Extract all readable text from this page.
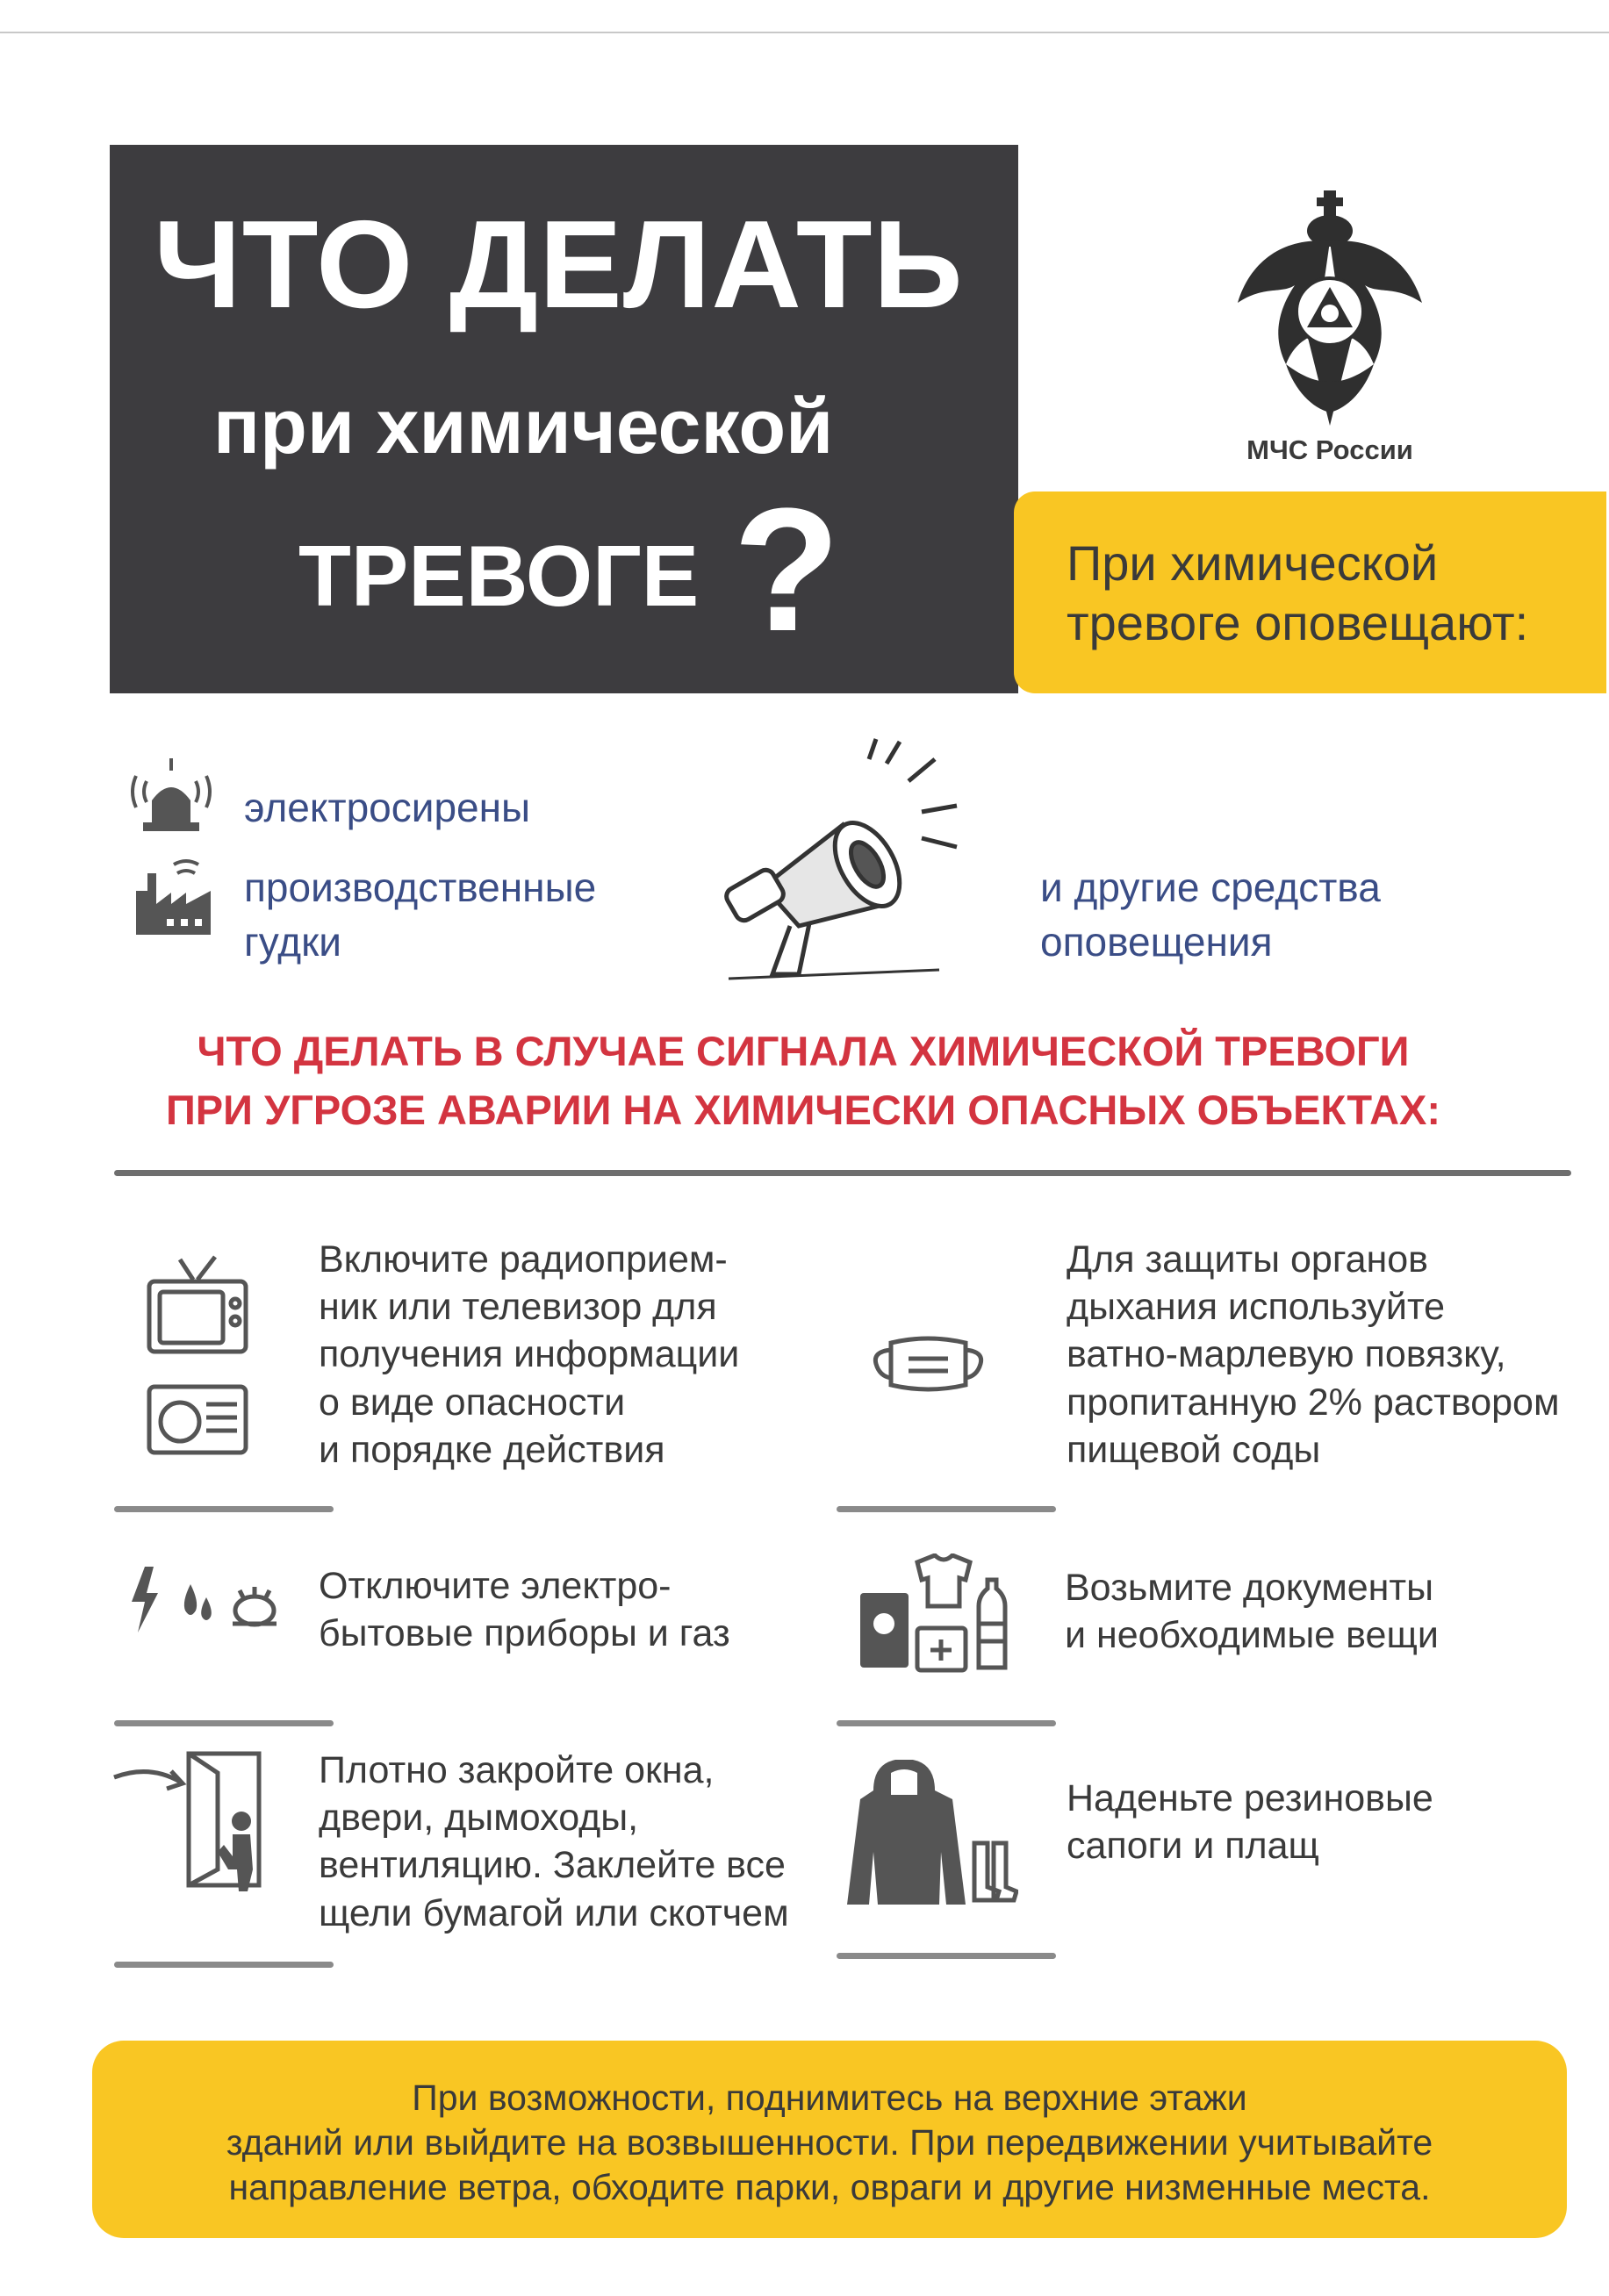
ЧТО ДЕЛАТЬ
при химической
ТРЕВОГЕ ?
МЧС России
При химической
тревоге оповещают:
электросирены
производственные
гудки
и другие средства
оповещения
ЧТО ДЕЛАТЬ В СЛУЧАЕ СИГНАЛА ХИМИЧЕСКОЙ ТРЕВОГИ
ПРИ УГРОЗЕ АВАРИИ НА ХИМИЧЕСКИ ОПАСНЫХ ОБЪЕКТАХ:
Включите радиоприем-
ник или телевизор для
получения информации
о виде опасности
и порядке действия
Для защиты органов
дыхания используйте
ватно-марлевую повязку,
пропитанную 2% раствором
пищевой соды
Отключите электро-
бытовые приборы и газ
Возьмите документы
и необходимые вещи
Плотно закройте окна,
двери, дымоходы,
вентиляцию. Заклейте все
щели бумагой или скотчем
Наденьте резиновые
сапоги и плащ
При возможности, поднимитесь на верхние этажи
зданий или выйдите на возвышенности. При передвижении учитывайте
направление ветра, обходите парки, овраги и другие низменные места.
